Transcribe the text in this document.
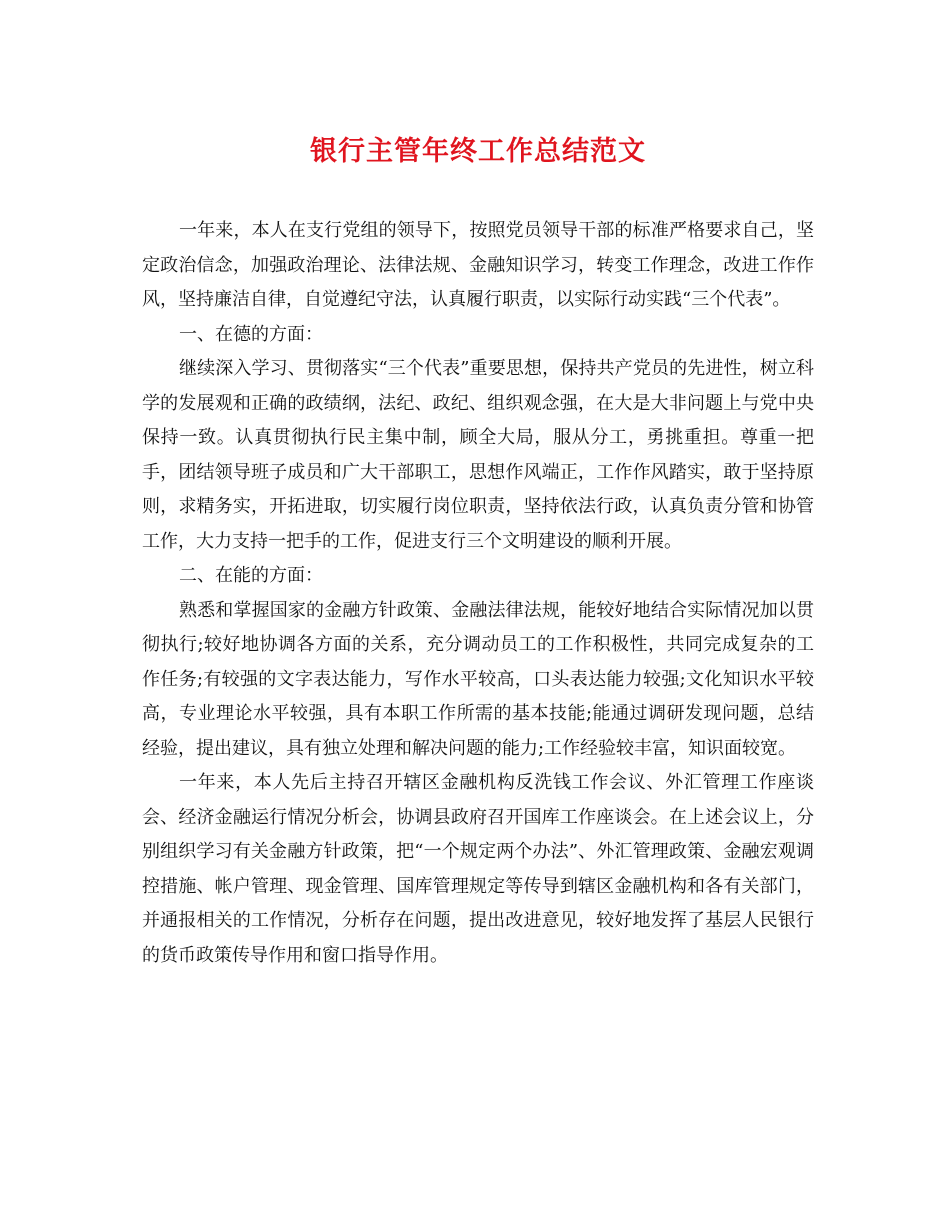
银行主管年终工作总结范文

一年来，本人在支行党组的领导下，按照党员领导干部的标准严格要求自己，坚定政治信念，加强政治理论、法律法规、金融知识学习，转变工作理念，改进工作作风，坚持廉洁自律，自觉遵纪守法，认真履行职责，以实际行动实践“三个代表”。

一、在德的方面：

继续深入学习、贯彻落实“三个代表”重要思想，保持共产党员的先进性，树立科学的发展观和正确的政绩纲，法纪、政纪、组织观念强，在大是大非问题上与党中央保持一致。认真贯彻执行民主集中制，顾全大局，服从分工，勇挑重担。尊重一把手，团结领导班子成员和广大干部职工，思想作风端正，工作作风踏实，敢于坚持原则，求精务实，开拓进取，切实履行岗位职责，坚持依法行政，认真负责分管和协管工作，大力支持一把手的工作，促进支行三个文明建设的顺利开展。

二、在能的方面：

熟悉和掌握国家的金融方针政策、金融法律法规，能较好地结合实际情况加以贯彻执行;较好地协调各方面的关系，充分调动员工的工作积极性，共同完成复杂的工作任务;有较强的文字表达能力，写作水平较高，口头表达能力较强;文化知识水平较高，专业理论水平较强，具有本职工作所需的基本技能;能通过调研发现问题，总结经验，提出建议，具有独立处理和解决问题的能力;工作经验较丰富，知识面较宽。

一年来，本人先后主持召开辖区金融机构反洗钱工作会议、外汇管理工作座谈会、经济金融运行情况分析会，协调县政府召开国库工作座谈会。在上述会议上，分别组织学习有关金融方针政策，把“一个规定两个办法”、外汇管理政策、金融宏观调控措施、帐户管理、现金管理、国库管理规定等传导到辖区金融机构和各有关部门，并通报相关的工作情况，分析存在问题，提出改进意见，较好地发挥了基层人民银行的货币政策传导作用和窗口指导作用。
